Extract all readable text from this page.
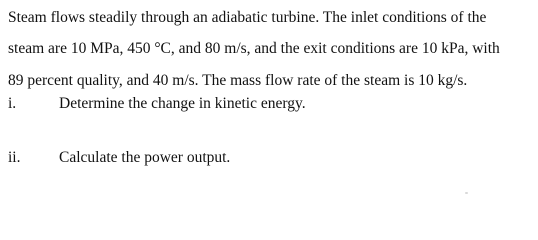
Steam flows steadily through an adiabatic turbine. The inlet conditions of the
steam are 10 MPa, 450 °C, and 80 m/s, and the exit conditions are 10 kPa, with
89 percent quality, and 40 m/s. The mass flow rate of the steam is 10 kg/s.
i.	Determine the change in kinetic energy.
ii. Calculate the power output.
